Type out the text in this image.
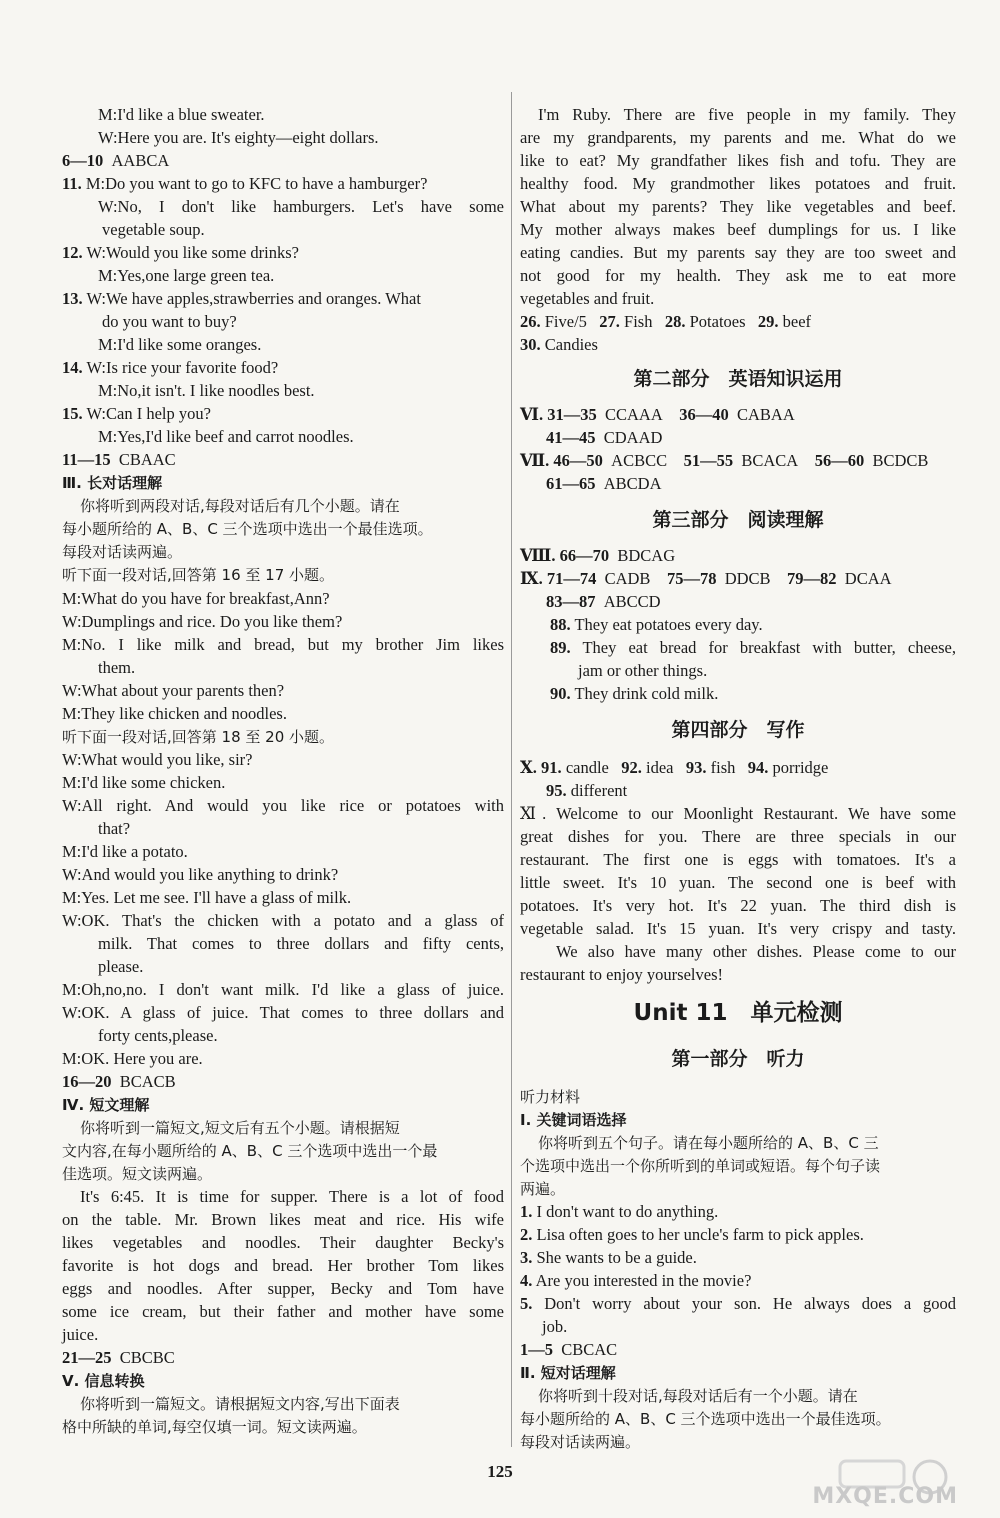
M:I'd like a blue sweater.
W:Here you are. It's eighty—eight dollars.
6—10 AABCA
11. M:Do you want to go to KFC to have a hamburger?
W:No, I don't like hamburgers. Let's have some
vegetable soup.
12. W:Would you like some drinks?
M:Yes,one large green tea.
13. W:We have apples,strawberries and oranges. What
do you want to buy?
M:I'd like some oranges.
14. W:Is rice your favorite food?
M:No,it isn't. I like noodles best.
15. W:Can I help you?
M:Yes,I'd like beef and carrot noodles.
11—15 CBAAC
Ⅲ. 长对话理解
你将听到两段对话,每段对话后有几个小题。请在
每小题所给的 A、B、C 三个选项中选出一个最佳选项。
每段对话读两遍。
听下面一段对话,回答第 16 至 17 小题。
M:What do you have for breakfast,Ann?
W:Dumplings and rice. Do you like them?
M:No. I like milk and bread, but my brother Jim likes
them.
W:What about your parents then?
M:They like chicken and noodles.
听下面一段对话,回答第 18 至 20 小题。
W:What would you like, sir?
M:I'd like some chicken.
W:All right. And would you like rice or potatoes with
that?
M:I'd like a potato.
W:And would you like anything to drink?
M:Yes. Let me see. I'll have a glass of milk.
W:OK. That's the chicken with a potato and a glass of
milk. That comes to three dollars and fifty cents,
please.
M:Oh,no,no. I don't want milk. I'd like a glass of juice.
W:OK. A glass of juice. That comes to three dollars and
forty cents,please.
M:OK. Here you are.
16—20 BCACB
Ⅳ. 短文理解
你将听到一篇短文,短文后有五个小题。请根据短
文内容,在每小题所给的 A、B、C 三个选项中选出一个最
佳选项。短文读两遍。
It's 6:45. It is time for supper. There is a lot of food
on the table. Mr. Brown likes meat and rice. His wife
likes vegetables and noodles. Their daughter Becky's
favorite is hot dogs and bread. Her brother Tom likes
eggs and noodles. After supper, Becky and Tom have
some ice cream, but their father and mother have some
juice.
21—25 CBCBC
Ⅴ. 信息转换
你将听到一篇短文。请根据短文内容,写出下面表
格中所缺的单词,每空仅填一词。短文读两遍。
I'm Ruby. There are five people in my family. They
are my grandparents, my parents and me. What do we
like to eat? My grandfather likes fish and tofu. They are
healthy food. My grandmother likes potatoes and fruit.
What about my parents? They like vegetables and beef.
My mother always makes beef dumplings for us. I like
eating candies. But my parents say they are too sweet and
not good for my health. They ask me to eat more
vegetables and fruit.
26. Five/5 27. Fish 28. Potatoes 29. beef
30. Candies
第二部分　英语知识运用
Ⅵ. 31—35 CCAAA 36—40 CABAA
41—45 CDAAD
Ⅶ. 46—50 ACBCC 51—55 BCACA 56—60 BCDCB
61—65 ABCDA
第三部分　阅读理解
Ⅷ. 66—70 BDCAG
Ⅸ. 71—74 CADB 75—78 DDCB 79—82 DCAA
83—87 ABCCD
88. They eat potatoes every day.
89. They eat bread for breakfast with butter, cheese,
jam or other things.
90. They drink cold milk.
第四部分　写作
Ⅹ. 91. candle 92. idea 93. fish 94. porridge
95. different
Ⅺ. Welcome to our Moonlight Restaurant. We have some
great dishes for you. There are three specials in our
restaurant. The first one is eggs with tomatoes. It's a
little sweet. It's 10 yuan. The second one is beef with
potatoes. It's very hot. It's 22 yuan. The third dish is
vegetable salad. It's 15 yuan. It's very crispy and tasty.
We also have many other dishes. Please come to our
restaurant to enjoy yourselves!
Unit 11　单元检测
第一部分　听力
听力材料
Ⅰ. 关键词语选择
你将听到五个句子。请在每小题所给的 A、B、C 三
个选项中选出一个你所听到的单词或短语。每个句子读
两遍。
1. I don't want to do anything.
2. Lisa often goes to her uncle's farm to pick apples.
3. She wants to be a guide.
4. Are you interested in the movie?
5. Don't worry about your son. He always does a good
job.
1—5 CBCAC
Ⅱ. 短对话理解
你将听到十段对话,每段对话后有一个小题。请在
每小题所给的 A、B、C 三个选项中选出一个最佳选项。
每段对话读两遍。
125
MXQE.COM
